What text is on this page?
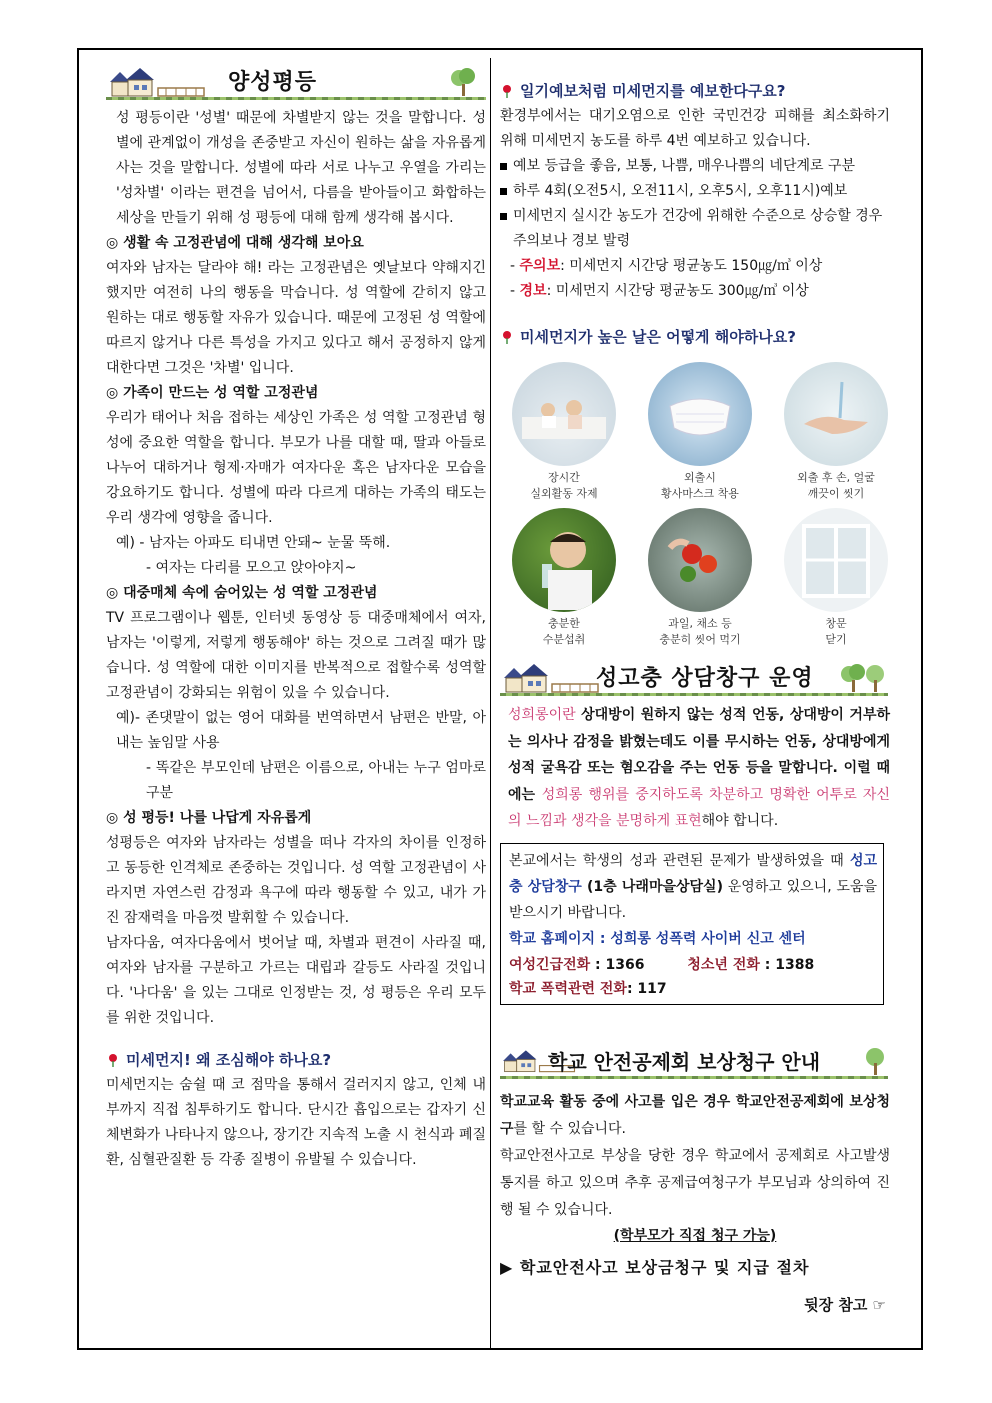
양성평등
성 평등이란 '성별' 때문에 차별받지 않는 것을 말합니다. 성별에 관계없이 개성을 존중받고 자신이 원하는 삶을 자유롭게 사는 것을 말합니다. 성별에 따라 서로 나누고 우열을 가리는 '성차별' 이라는 편견을 넘어서, 다름을 받아들이고 화합하는 세상을 만들기 위해 성 평등에 대해 함께 생각해 봅시다.
◎ 생활 속 고정관념에 대해 생각해 보아요
여자와 남자는 달라야 해! 라는 고정관념은 옛날보다 약해지긴 했지만 여전히 나의 행동을 막습니다. 성 역할에 갇히지 않고 원하는 대로 행동할 자유가 있습니다. 때문에 고정된 성 역할에 따르지 않거나 다른 특성을 가지고 있다고 해서 공정하지 않게 대한다면 그것은 '차별' 입니다.
◎ 가족이 만드는 성 역할 고정관념
우리가 태어나 처음 접하는 세상인 가족은 성 역할 고정관념 형성에 중요한 역할을 합니다. 부모가 나를 대할 때, 딸과 아들로 나누어 대하거나 형제·자매가 여자다운 혹은 남자다운 모습을 강요하기도 합니다. 성별에 따라 다르게 대하는 가족의 태도는 우리 생각에 영향을 줍니다.
예) - 남자는 아파도 티내면 안돼~ 눈물 뚝해.
- 여자는 다리를 모으고 앉아야지~
◎ 대중매체 속에 숨어있는 성 역할 고정관념
TV 프로그램이나 웹툰, 인터넷 동영상 등 대중매체에서 여자, 남자는 '이렇게, 저렇게 행동해야' 하는 것으로 그려질 때가 많습니다. 성 역할에 대한 이미지를 반복적으로 접할수록 성역할 고정관념이 강화되는 위험이 있을 수 있습니다.
예)- 존댓말이 없는 영어 대화를 번역하면서 남편은 반말, 아내는 높임말 사용
- 똑같은 부모인데 남편은 이름으로, 아내는 누구 엄마로 구분
◎ 성 평등! 나를 나답게 자유롭게
성평등은 여자와 남자라는 성별을 떠나 각자의 차이를 인정하고 동등한 인격체로 존중하는 것입니다. 성 역할 고정관념이 사라지면 자연스런 감정과 욕구에 따라 행동할 수 있고, 내가 가진 잠재력을 마음껏 발휘할 수 있습니다.
남자다움, 여자다움에서 벗어날 때, 차별과 편견이 사라질 때, 여자와 남자를 구분하고 가르는 대립과 갈등도 사라질 것입니다. '나다움' 을 있는 그대로 인정받는 것, 성 평등은 우리 모두를 위한 것입니다.
미세먼지! 왜 조심해야 하나요?
미세먼지는 숨쉴 때 코 점막을 통해서 걸러지지 않고, 인체 내부까지 직접 침투하기도 합니다. 단시간 흡입으로는 갑자기 신체변화가 나타나지 않으나, 장기간 지속적 노출 시 천식과 폐질환, 심혈관질환 등 각종 질병이 유발될 수 있습니다.
일기예보처럼 미세먼지를 예보한다구요?
환경부에서는 대기오염으로 인한 국민건강 피해를 최소화하기 위해 미세먼지 농도를 하루 4번 예보하고 있습니다.
예보 등급을 좋음, 보통, 나쁨, 매우나쁨의 네단계로 구분
하루 4회(오전5시, 오전11시, 오후5시, 오후11시)예보
미세먼지 실시간 농도가 건강에 위해한 수준으로 상승할 경우 주의보나 경보 발령
- 주의보: 미세먼지 시간당 평균농도 150㎍/㎥ 이상
- 경보: 미세먼지 시간당 평균농도 300㎍/㎥ 이상
미세먼지가 높은 날은 어떻게 해야하나요?
장시간
실외활동 자제
외출시
황사마스크 착용
외출 후 손, 얼굴
깨끗이 씻기
충분한
수분섭취
과일, 채소 등
충분히 씻어 먹기
창문
닫기
성고충 상담창구 운영
성희롱이란 상대방이 원하지 않는 성적 언동, 상대방이 거부하는 의사나 감정을 밝혔는데도 이를 무시하는 언동, 상대방에게 성적 굴욕감 또는 혐오감을 주는 언동 등을 말합니다. 이럴 때에는 성희롱 행위를 중지하도록 차분하고 명확한 어투로 자신의 느낌과 생각을 분명하게 표현해야 합니다.
본교에서는 학생의 성과 관련된 문제가 발생하였을 때 성고충 상담창구 (1층 나래마을상담실) 운영하고 있으니, 도움을 받으시기 바랍니다.
학교 홈페이지 : 성희롱 성폭력 사이버 신고 센터
여성긴급전화 : 1366	청소년 전화 : 1388
학교 폭력관련 전화: 117
학교 안전공제회 보상청구 안내
학교교육 활동 중에 사고를 입은 경우 학교안전공제회에 보상청구를 할 수 있습니다.
학교안전사고로 부상을 당한 경우 학교에서 공제회로 사고발생 통지를 하고 있으며 추후 공제급여청구가 부모님과 상의하여 진행 될 수 있습니다.
(학부모가 직접 청구 가능)
▶ 학교안전사고 보상금청구 및 지급 절차
뒷장 참고 ☞
